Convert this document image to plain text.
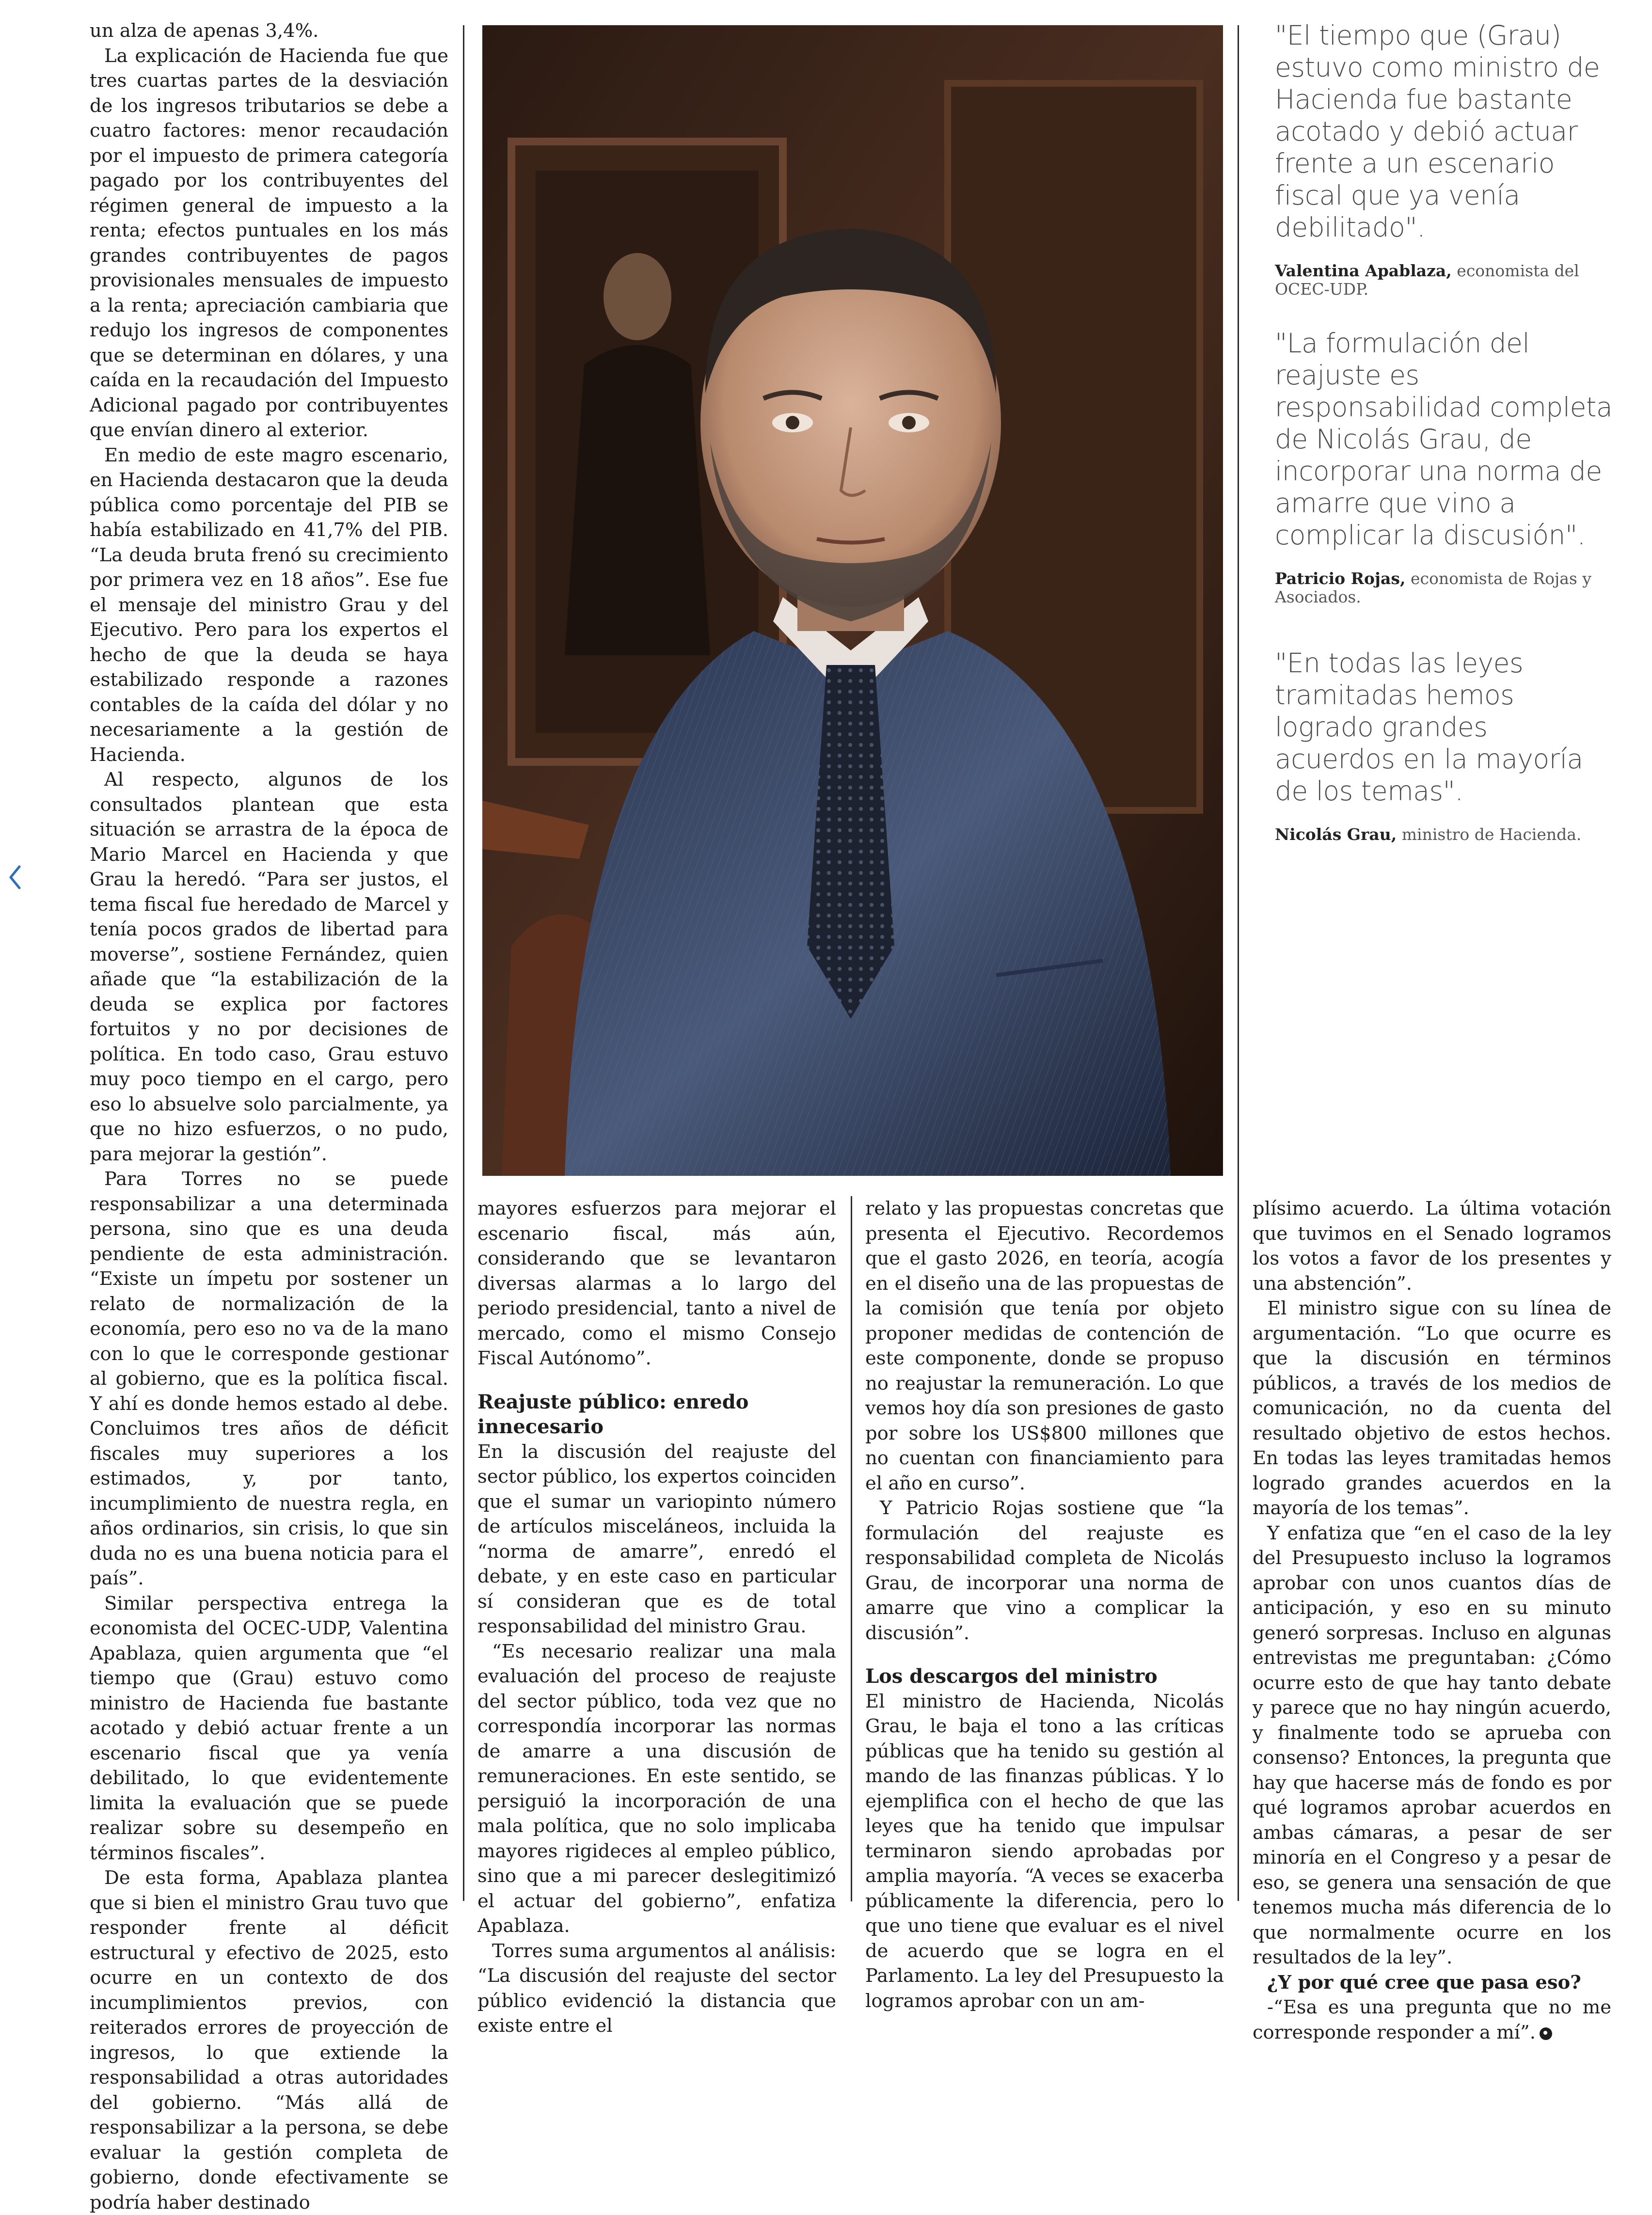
un alza de apenas 3,4%.

La explicación de Hacienda fue que tres cuartas partes de la desviación de los ingresos tributarios se debe a cuatro factores: menor recaudación por el impuesto de primera categoría pagado por los contribuyentes del régimen general de impuesto a la renta; efectos puntuales en los más grandes contribuyentes de pagos provisionales mensuales de impuesto a la renta; apreciación cambiaria que redujo los ingresos de componentes que se determinan en dólares, y una caída en la recaudación del Impuesto Adicional pagado por contribuyentes que envían dinero al exterior.

En medio de este magro escenario, en Hacienda destacaron que la deuda pública como porcentaje del PIB se había estabilizado en 41,7% del PIB. “La deuda bruta frenó su crecimiento por primera vez en 18 años”. Ese fue el mensaje del ministro Grau y del Ejecutivo. Pero para los expertos el hecho de que la deuda se haya estabilizado responde a razones contables de la caída del dólar y no necesariamente a la gestión de Hacienda.

Al respecto, algunos de los consultados plantean que esta situación se arrastra de la época de Mario Marcel en Hacienda y que Grau la heredó. “Para ser justos, el tema fiscal fue heredado de Marcel y tenía pocos grados de libertad para moverse”, sostiene Fernández, quien añade que “la estabilización de la deuda se explica por factores fortuitos y no por decisiones de política. En todo caso, Grau estuvo muy poco tiempo en el cargo, pero eso lo absuelve solo parcialmente, ya que no hizo esfuerzos, o no pudo, para mejorar la gestión”.

Para Torres no se puede responsabilizar a una determinada persona, sino que es una deuda pendiente de esta administración. “Existe un ímpetu por sostener un relato de normalización de la economía, pero eso no va de la mano con lo que le corresponde gestionar al gobierno, que es la política fiscal. Y ahí es donde hemos estado al debe. Concluimos tres años de déficit fiscales muy superiores a los estimados, y, por tanto, incumplimiento de nuestra regla, en años ordinarios, sin crisis, lo que sin duda no es una buena noticia para el país”.

Similar perspectiva entrega la economista del OCEC-UDP, Valentina Apablaza, quien argumenta que “el tiempo que (Grau) estuvo como ministro de Hacienda fue bastante acotado y debió actuar frente a un escenario fiscal que ya venía debilitado, lo que evidentemente limita la evaluación que se puede realizar sobre su desempeño en términos fiscales”.

De esta forma, Apablaza plantea que si bien el ministro Grau tuvo que responder frente al déficit estructural y efectivo de 2025, esto ocurre en un contexto de dos incumplimientos previos, con reiterados errores de proyección de ingresos, lo que extiende la responsabilidad a otras autoridades del gobierno. “Más allá de responsabilizar a la persona, se debe evaluar la gestión completa de gobierno, donde efectivamente se podría haber destinado

"El tiempo que (Grau) estuvo como ministro de Hacienda fue bastante acotado y debió actuar frente a un escenario fiscal que ya venía debilitado".

Valentina Apablaza, economista del OCEC-UDP.

"La formulación del reajuste es responsabilidad completa de Nicolás Grau, de incorporar una norma de amarre que vino a complicar la discusión".

Patricio Rojas, economista de Rojas y Asociados.

"En todas las leyes tramitadas hemos logrado grandes acuerdos en la mayoría de los temas".

Nicolás Grau, ministro de Hacienda.

mayores esfuerzos para mejorar el escenario fiscal, más aún, considerando que se levantaron diversas alarmas a lo largo del periodo presidencial, tanto a nivel de mercado, como el mismo Consejo Fiscal Autónomo”.

Reajuste público: enredo innecesario

En la discusión del reajuste del sector público, los expertos coinciden que el sumar un variopinto número de artículos misceláneos, incluida la “norma de amarre”, enredó el debate, y en este caso en particular sí consideran que es de total responsabilidad del ministro Grau.

“Es necesario realizar una mala evaluación del proceso de reajuste del sector público, toda vez que no correspondía incorporar las normas de amarre a una discusión de remuneraciones. En este sentido, se persiguió la incorporación de una mala política, que no solo implicaba mayores rigideces al empleo público, sino que a mi parecer deslegitimizó el actuar del gobierno”, enfatiza Apablaza.

Torres suma argumentos al análisis: “La discusión del reajuste del sector público evidenció la distancia que existe entre el

relato y las propuestas concretas que presenta el Ejecutivo. Recordemos que el gasto 2026, en teoría, acogía en el diseño una de las propuestas de la comisión que tenía por objeto proponer medidas de contención de este componente, donde se propuso no reajustar la remuneración. Lo que vemos hoy día son presiones de gasto por sobre los US$800 millones que no cuentan con financiamiento para el año en curso”.

Y Patricio Rojas sostiene que “la formulación del reajuste es responsabilidad completa de Nicolás Grau, de incorporar una norma de amarre que vino a complicar la discusión”.

Los descargos del ministro

El ministro de Hacienda, Nicolás Grau, le baja el tono a las críticas públicas que ha tenido su gestión al mando de las finanzas públicas. Y lo ejemplifica con el hecho de que las leyes que ha tenido que impulsar terminaron siendo aprobadas por amplia mayoría. “A veces se exacerba públicamente la diferencia, pero lo que uno tiene que evaluar es el nivel de acuerdo que se logra en el Parlamento. La ley del Presupuesto la logramos aprobar con un am-

plísimo acuerdo. La última votación que tuvimos en el Senado logramos los votos a favor de los presentes y una abstención”.

El ministro sigue con su línea de argumentación. “Lo que ocurre es que la discusión en términos públicos, a través de los medios de comunicación, no da cuenta del resultado objetivo de estos hechos. En todas las leyes tramitadas hemos logrado grandes acuerdos en la mayoría de los temas”.

Y enfatiza que “en el caso de la ley del Presupuesto incluso la logramos aprobar con unos cuantos días de anticipación, y eso en su minuto generó sorpresas. Incluso en algunas entrevistas me preguntaban: ¿Cómo ocurre esto de que hay tanto debate y parece que no hay ningún acuerdo, y finalmente todo se aprueba con consenso? Entonces, la pregunta que hay que hacerse más de fondo es por qué logramos aprobar acuerdos en ambas cámaras, a pesar de ser minoría en el Congreso y a pesar de eso, se genera una sensación de que tenemos mucha más diferencia de lo que normalmente ocurre en los resultados de la ley”.

¿Y por qué cree que pasa eso?

-“Esa es una pregunta que no me corresponde responder a mí”.
